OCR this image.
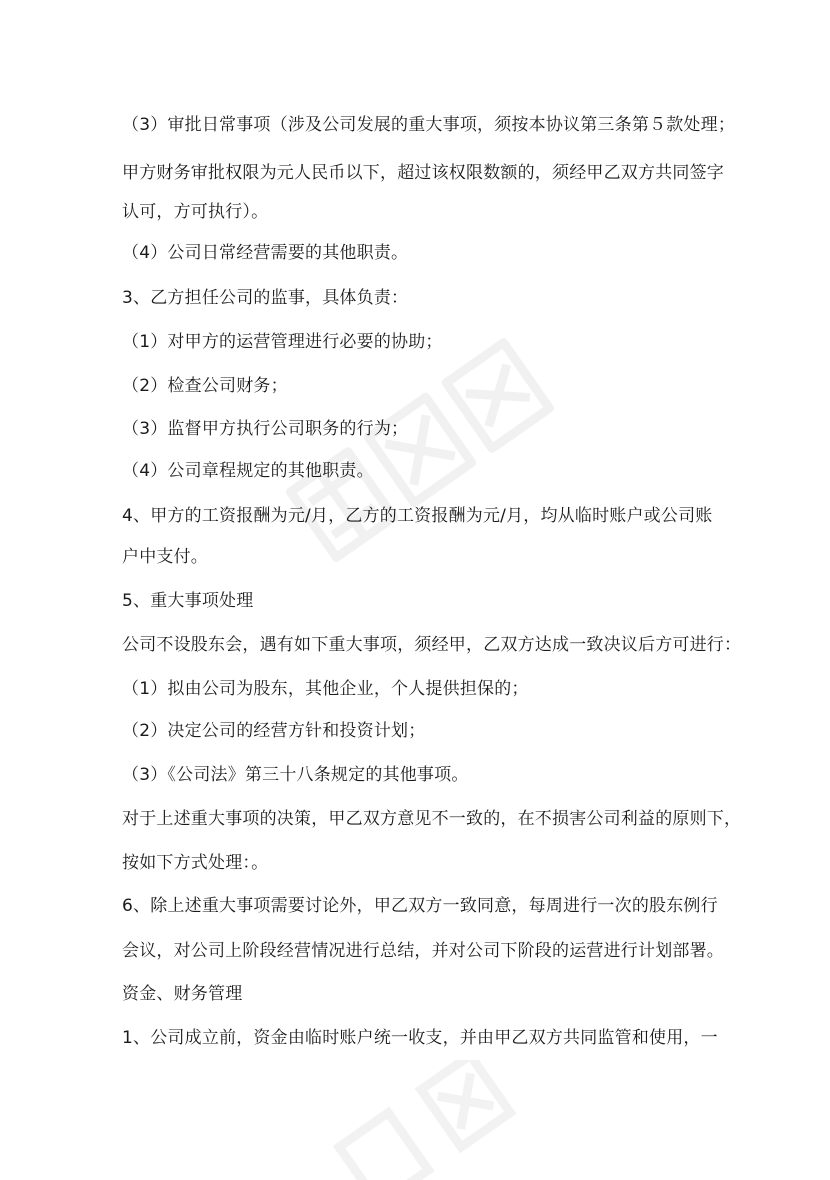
（3）审批日常事项（涉及公司发展的重大事项，须按本协议第三条第５款处理；
甲方财务审批权限为元人民币以下，超过该权限数额的，须经甲乙双方共同签字
认可，方可执行）。
（4）公司日常经营需要的其他职责。
3、乙方担任公司的监事，具体负责：
（1）对甲方的运营管理进行必要的协助；
（2）检查公司财务；
（3）监督甲方执行公司职务的行为；
（4）公司章程规定的其他职责。
4、甲方的工资报酬为元/月，乙方的工资报酬为元/月，均从临时账户或公司账
户中支付。
5、重大事项处理
公司不设股东会，遇有如下重大事项，须经甲，乙双方达成一致决议后方可进行：
（1）拟由公司为股东，其他企业，个人提供担保的；
（2）决定公司的经营方针和投资计划；
（3）《公司法》第三十八条规定的其他事项。
对于上述重大事项的决策，甲乙双方意见不一致的，在不损害公司利益的原则下，
按如下方式处理：。
6、除上述重大事项需要讨论外，甲乙双方一致同意，每周进行一次的股东例行
会议，对公司上阶段经营情况进行总结，并对公司下阶段的运营进行计划部署。
资金、财务管理
1、公司成立前，资金由临时账户统一收支，并由甲乙双方共同监管和使用，一
